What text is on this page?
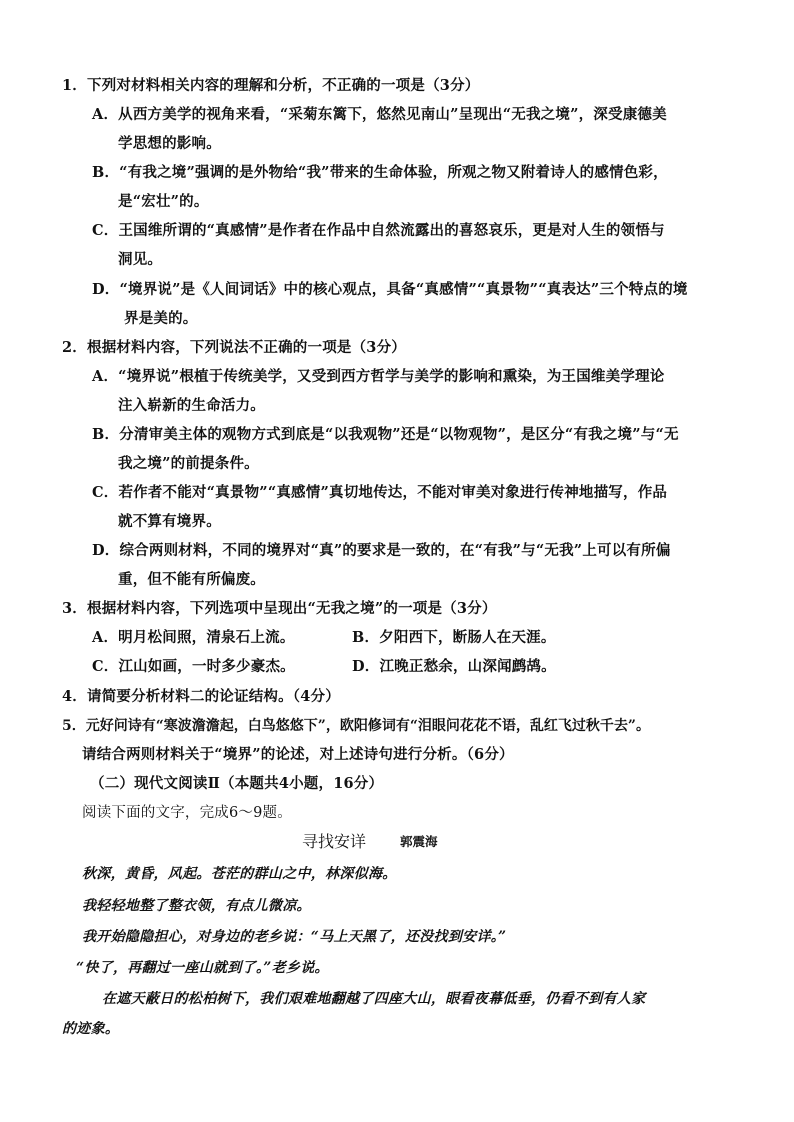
1．下列对材料相关内容的理解和分析，不正确的一项是（3分）
A．从西方美学的视角来看，“采菊东篱下，悠然见南山”呈现出“无我之境”，深受康德美
学思想的影响。
B．“有我之境”强调的是外物给“我”带来的生命体验，所观之物又附着诗人的感情色彩，
是“宏壮”的。
C．王国维所谓的“真感情”是作者在作品中自然流露出的喜怒哀乐，更是对人生的领悟与
洞见。
D．“境界说”是《人间词话》中的核心观点，具备“真感情”“真景物”“真表达”三个特点的境
界是美的。
2．根据材料内容，下列说法不正确的一项是（3分）
A．“境界说”根植于传统美学，又受到西方哲学与美学的影响和熏染，为王国维美学理论
注入崭新的生命活力。
B．分清审美主体的观物方式到底是“以我观物”还是“以物观物”，是区分“有我之境”与“无
我之境”的前提条件。
C．若作者不能对“真景物”“真感情”真切地传达，不能对审美对象进行传神地描写，作品
就不算有境界。
D．综合两则材料，不同的境界对“真”的要求是一致的，在“有我”与“无我”上可以有所偏
重，但不能有所偏废。
3．根据材料内容，下列选项中呈现出“无我之境”的一项是（3分）
A．明月松间照，清泉石上流。	B．夕阳西下，断肠人在天涯。
C．江山如画，一时多少豪杰。	D．江晚正愁余，山深闻鹧鸪。
4．请简要分析材料二的论证结构。（4分）
5．元好问诗有“寒波澹澹起，白鸟悠悠下”，欧阳修词有“泪眼问花花不语，乱红飞过秋千去”。
请结合两则材料关于“境界”的论述，对上述诗句进行分析。（6分）
（二）现代文阅读Ⅱ（本题共4小题，16分）
阅读下面的文字，完成6～9题。
寻找安详	郭震海
秋深，黄昏，风起。苍茫的群山之中，林深似海。
我轻轻地整了整衣领，有点儿微凉。
我开始隐隐担心，对身边的老乡说：“马上天黑了，还没找到安详。”
“快了，再翻过一座山就到了。”老乡说。
在遮天蔽日的松柏树下，我们艰难地翻越了四座大山，眼看夜幕低垂，仍看不到有人家
的迹象。
